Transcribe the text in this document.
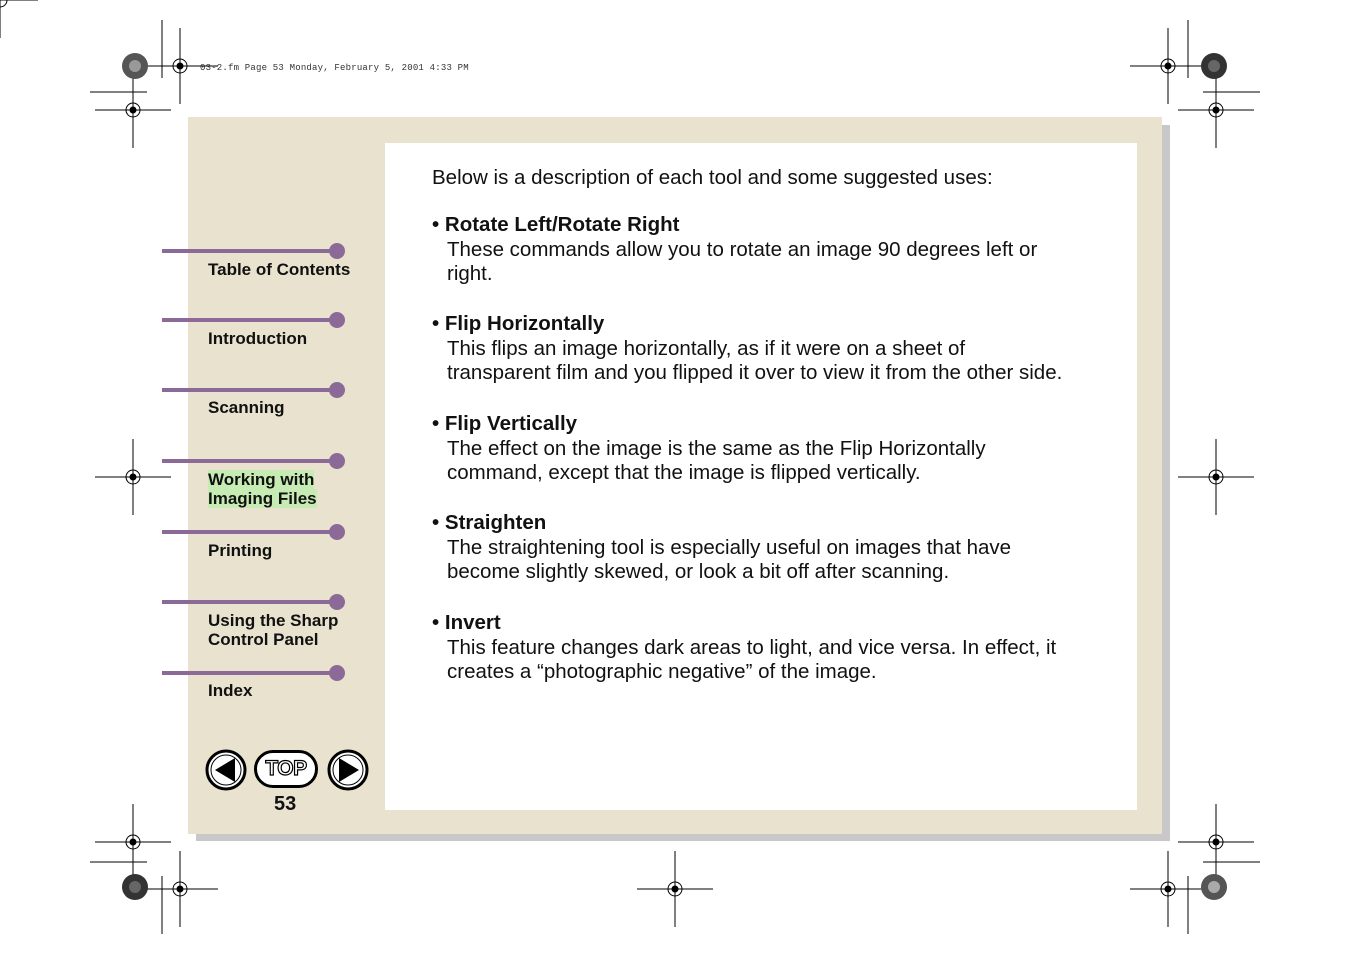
03-2.fm Page 53 Monday, February 5, 2001 4:33 PM
Table of Contents
Introduction
Scanning
Working with
Imaging Files
Printing
Using the Sharp
Control Panel
Index
TOP
53
Below is a description of each tool and some suggested uses:
• Rotate Left/Rotate Right
These commands allow you to rotate an image 90 degrees left or
right.
• Flip Horizontally
This flips an image horizontally, as if it were on a sheet of
transparent film and you flipped it over to view it from the other side.
• Flip Vertically
The effect on the image is the same as the Flip Horizontally
command, except that the image is flipped vertically.
• Straighten
The straightening tool is especially useful on images that have
become slightly skewed, or look a bit off after scanning.
• Invert
This feature changes dark areas to light, and vice versa. In effect, it
creates a “photographic negative” of the image.
